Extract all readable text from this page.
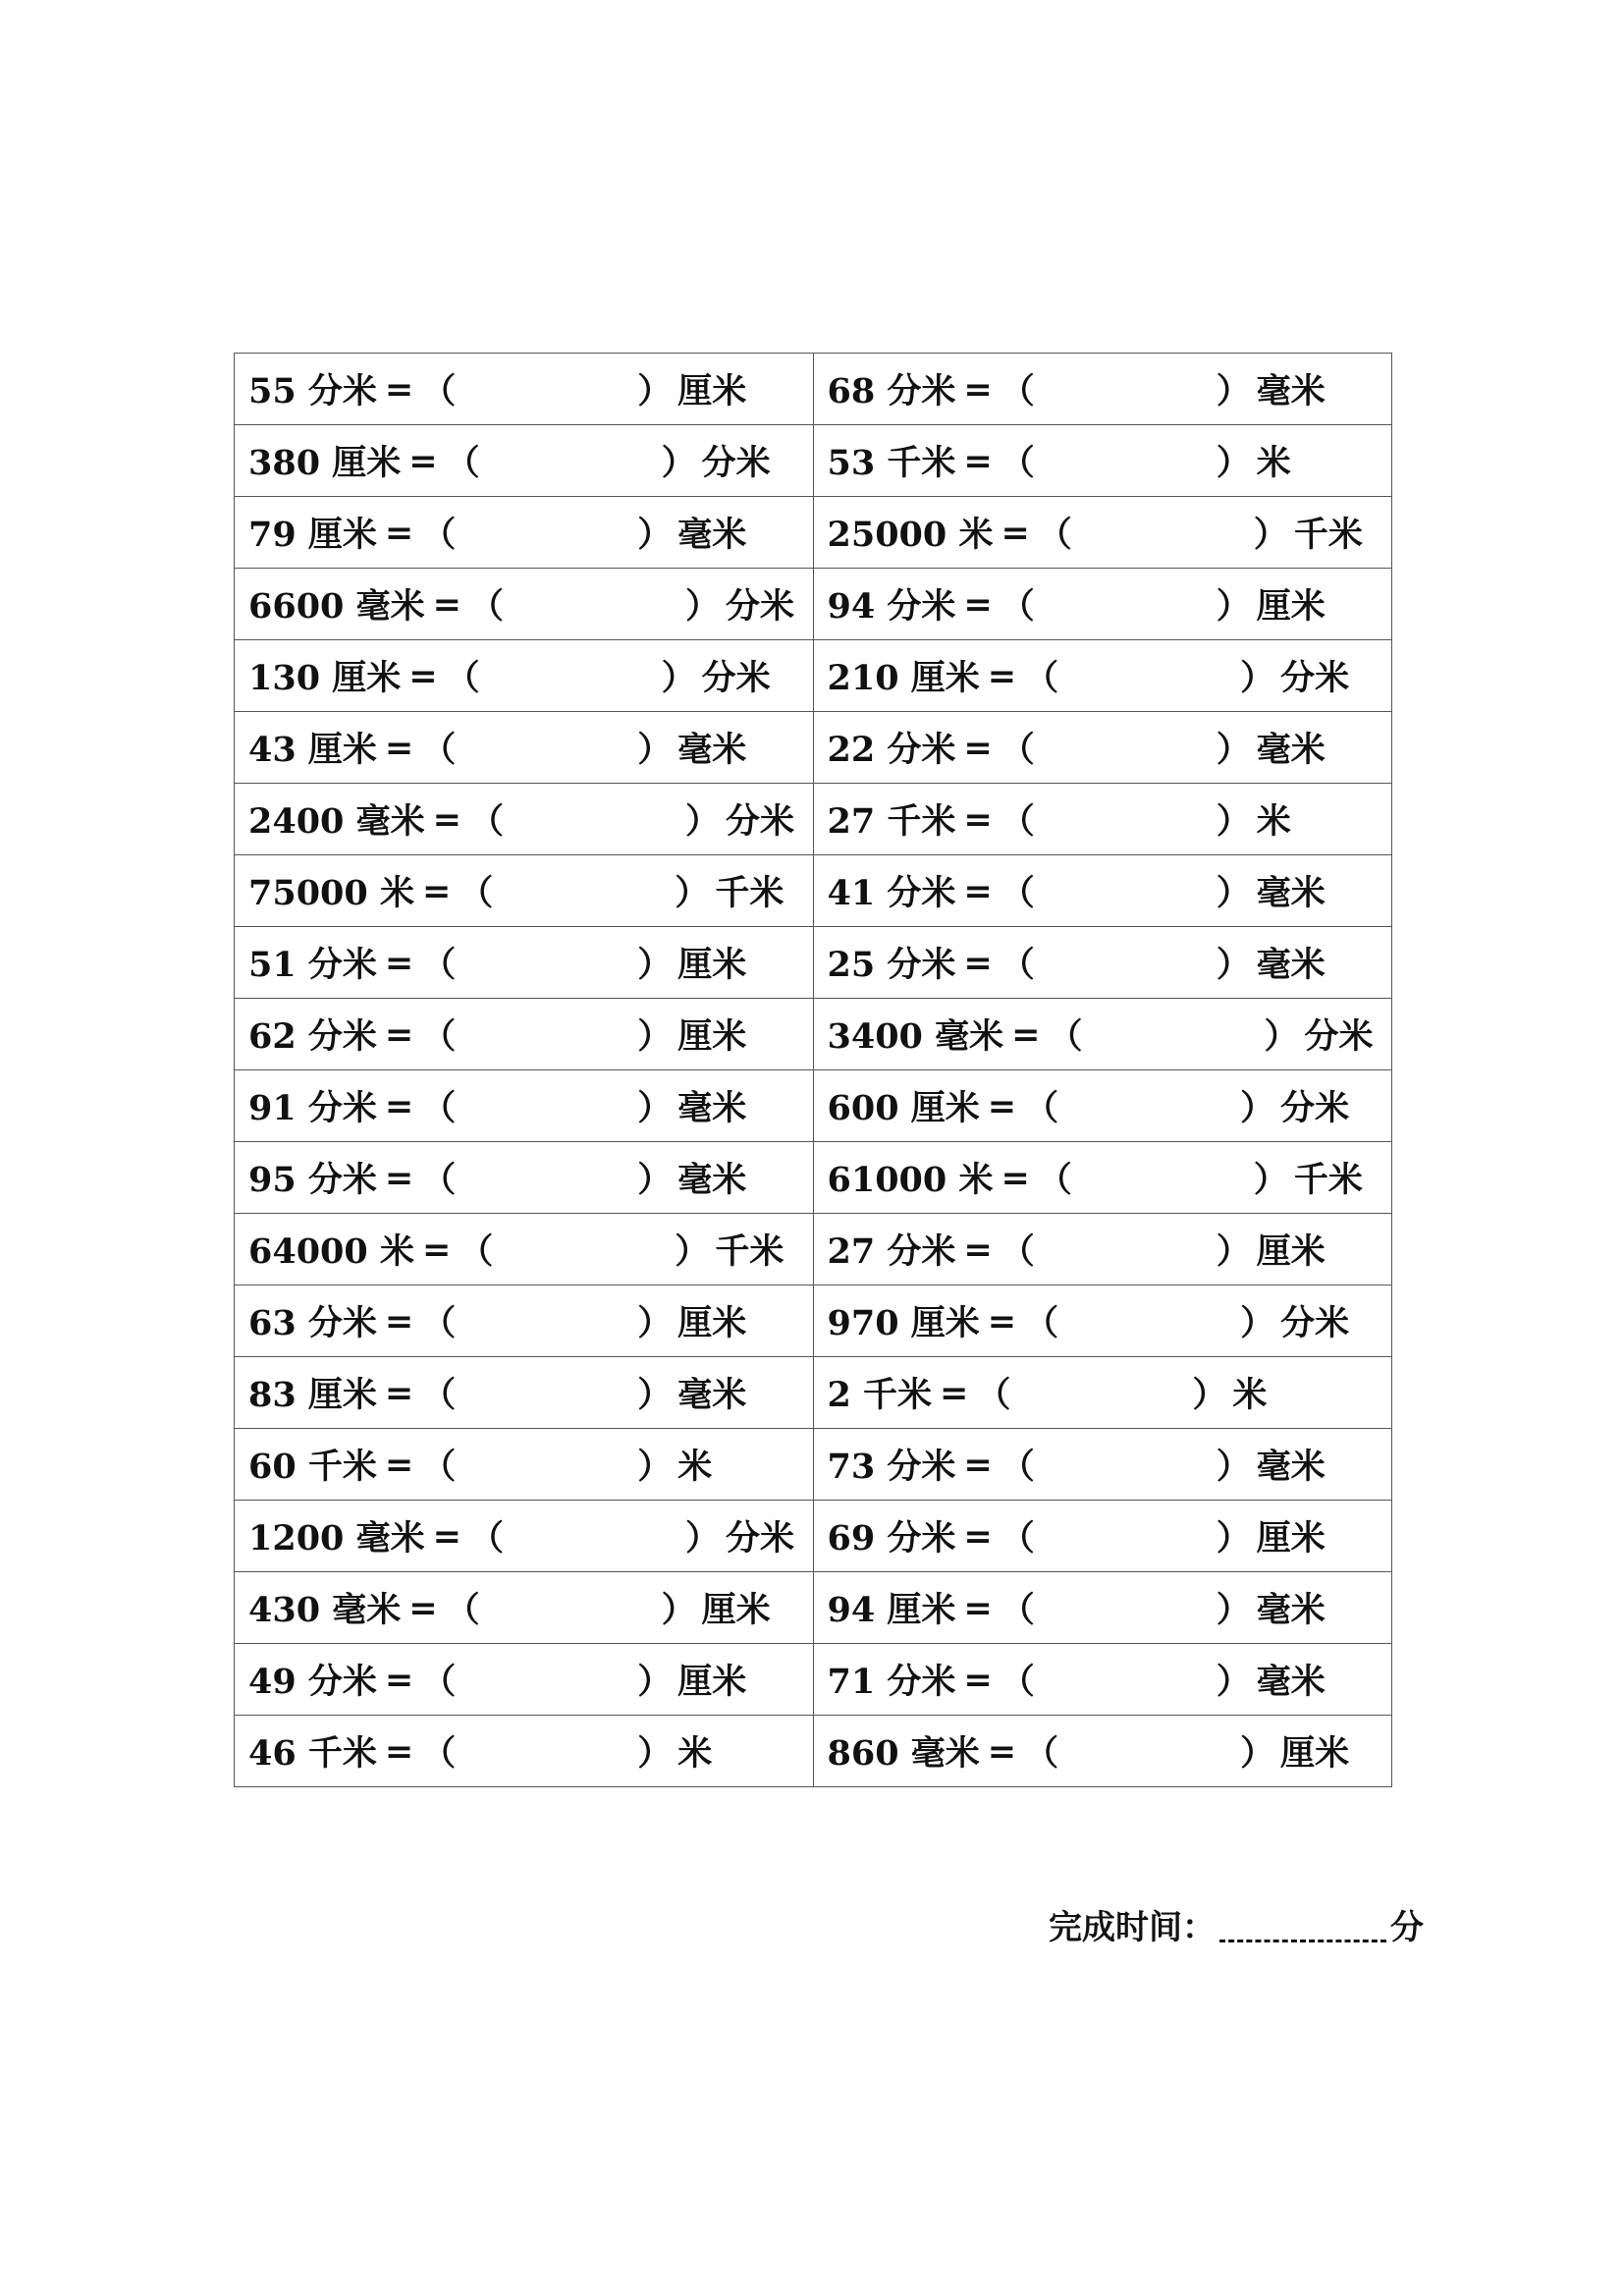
55 分米 = （ ） 厘米	68 分米 = （ ） 毫米

380 厘米 = （ ） 分米	53 千米 = （ ） 米

79 厘米 = （ ） 毫米	25000 米 = （ ） 千米

6600 毫米 = （ ） 分米	94 分米 = （ ） 厘米

130 厘米 = （ ） 分米	210 厘米 = （ ） 分米

43 厘米 = （ ） 毫米	22 分米 = （ ） 毫米

2400 毫米 = （ ） 分米	27 千米 = （ ） 米

75000 米 = （ ） 千米	41 分米 = （ ） 毫米

51 分米 = （ ） 厘米	25 分米 = （ ） 毫米

62 分米 = （ ） 厘米	3400 毫米 = （ ） 分米

91 分米 = （ ） 毫米	600 厘米 = （ ） 分米

95 分米 = （ ） 毫米	61000 米 = （ ） 千米

64000 米 = （ ） 千米	27 分米 = （ ） 厘米

63 分米 = （ ） 厘米	970 厘米 = （ ） 分米

83 厘米 = （ ） 毫米	2 千米 = （ ） 米

60 千米 = （ ） 米	73 分米 = （ ） 毫米

1200 毫米 = （ ） 分米	69 分米 = （ ） 厘米

430 毫米 = （ ） 厘米	94 厘米 = （ ） 毫米

49 分米 = （ ） 厘米	71 分米 = （ ） 毫米

46 千米 = （ ） 米	860 毫米 = （ ） 厘米
完成时间：	分
